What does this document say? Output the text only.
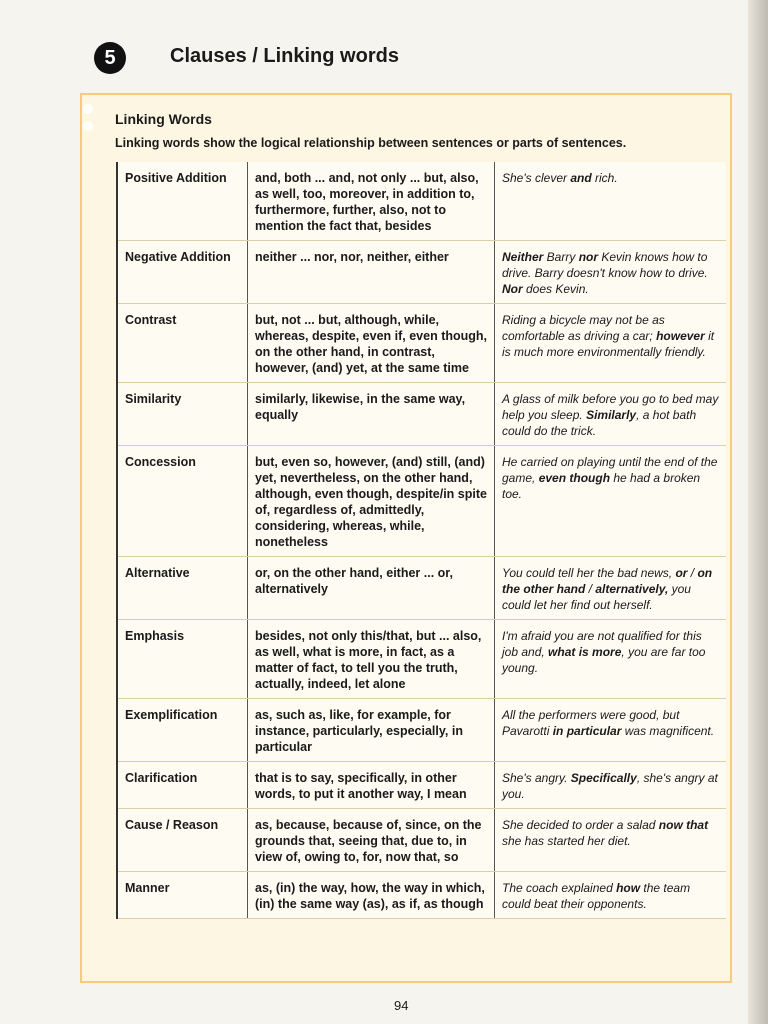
5	Clauses / Linking words
Linking Words
Linking words show the logical relationship between sentences or parts of sentences.
Positive Addition	and, both ... and, not only ... but, also, as well, too, moreover, in addition to, furthermore, further, also, not to mention the fact that, besides	She's clever and rich.
Negative Addition	neither ... nor, nor, neither, either	Neither Barry nor Kevin knows how to drive. Barry doesn't know how to drive. Nor does Kevin.
Contrast	but, not ... but, although, while, whereas, despite, even if, even though, on the other hand, in contrast, however, (and) yet, at the same time	Riding a bicycle may not be as comfortable as driving a car; however it is much more environmentally friendly.
Similarity	similarly, likewise, in the same way, equally	A glass of milk before you go to bed may help you sleep. Similarly, a hot bath could do the trick.
Concession	but, even so, however, (and) still, (and) yet, nevertheless, on the other hand, although, even though, despite/in spite of, regardless of, admittedly, considering, whereas, while, nonetheless	He carried on playing until the end of the game, even though he had a broken toe.
Alternative	or, on the other hand, either ... or, alternatively	You could tell her the bad news, or / on the other hand / alternatively, you could let her find out herself.
Emphasis	besides, not only this/that, but ... also, as well, what is more, in fact, as a matter of fact, to tell you the truth, actually, indeed, let alone	I'm afraid you are not qualified for this job and, what is more, you are far too young.
Exemplification	as, such as, like, for example, for instance, particularly, especially, in particular	All the performers were good, but Pavarotti in particular was magnificent.
Clarification	that is to say, specifically, in other words, to put it another way, I mean	She's angry. Specifically, she's angry at you.
Cause / Reason	as, because, because of, since, on the grounds that, seeing that, due to, in view of, owing to, for, now that, so	She decided to order a salad now that she has started her diet.
Manner	as, (in) the way, how, the way in which, (in) the same way (as), as if, as though	The coach explained how the team could beat their opponents.
94
